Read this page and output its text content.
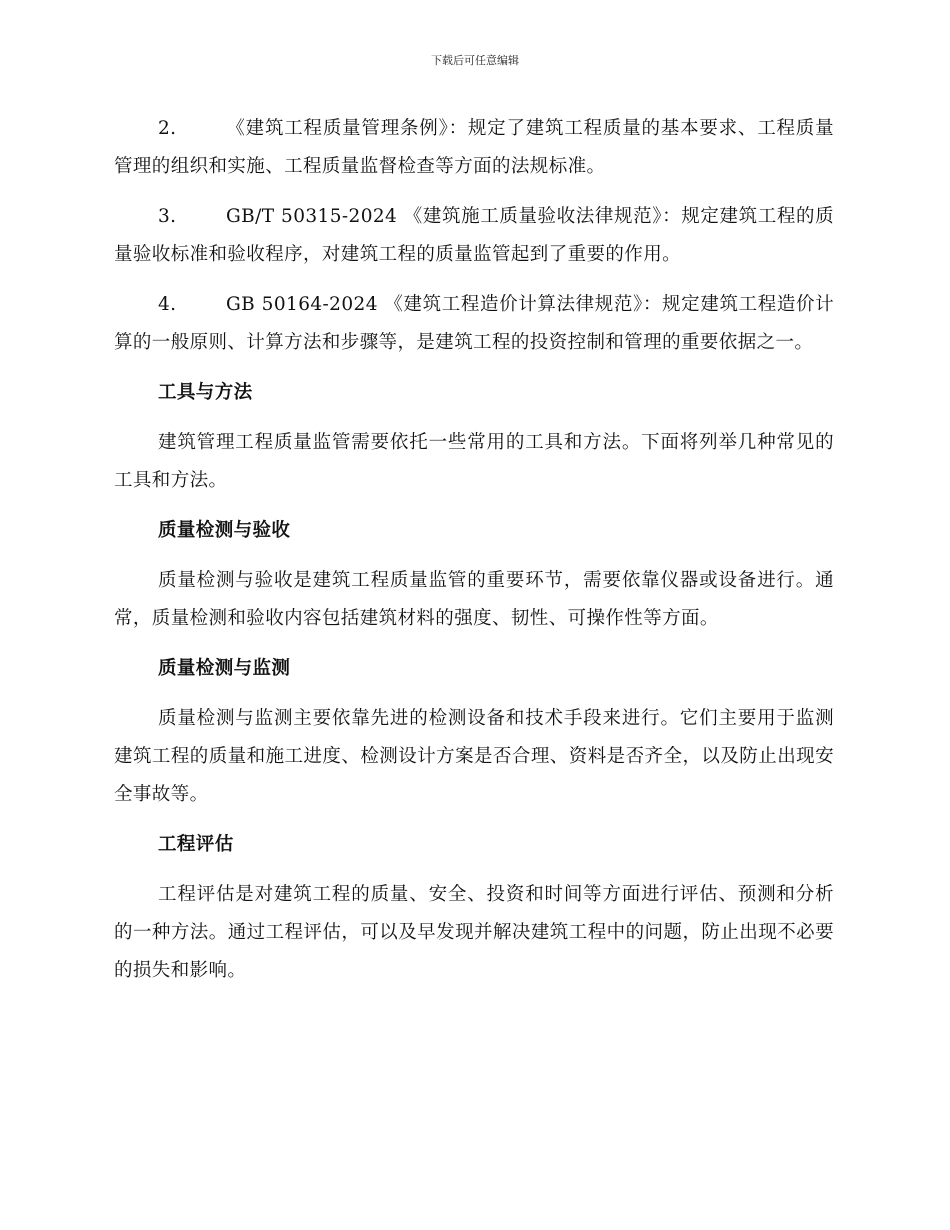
下载后可任意编辑

2.	《建筑工程质量管理条例》：规定了建筑工程质量的基本要求、工程质量管理的组织和实施、工程质量监督检查等方面的法规标准。

3.	GB/T 50315-2024 《建筑施工质量验收法律规范》：规定建筑工程的质量验收标准和验收程序，对建筑工程的质量监管起到了重要的作用。

4.	GB 50164-2024 《建筑工程造价计算法律规范》：规定建筑工程造价计算的一般原则、计算方法和步骤等，是建筑工程的投资控制和管理的重要依据之一。

工具与方法

建筑管理工程质量监管需要依托一些常用的工具和方法。下面将列举几种常见的工具和方法。

质量检测与验收

质量检测与验收是建筑工程质量监管的重要环节，需要依靠仪器或设备进行。通常，质量检测和验收内容包括建筑材料的强度、韧性、可操作性等方面。

质量检测与监测

质量检测与监测主要依靠先进的检测设备和技术手段来进行。它们主要用于监测建筑工程的质量和施工进度、检测设计方案是否合理、资料是否齐全，以及防止出现安全事故等。

工程评估

工程评估是对建筑工程的质量、安全、投资和时间等方面进行评估、预测和分析的一种方法。通过工程评估，可以及早发现并解决建筑工程中的问题，防止出现不必要的损失和影响。
